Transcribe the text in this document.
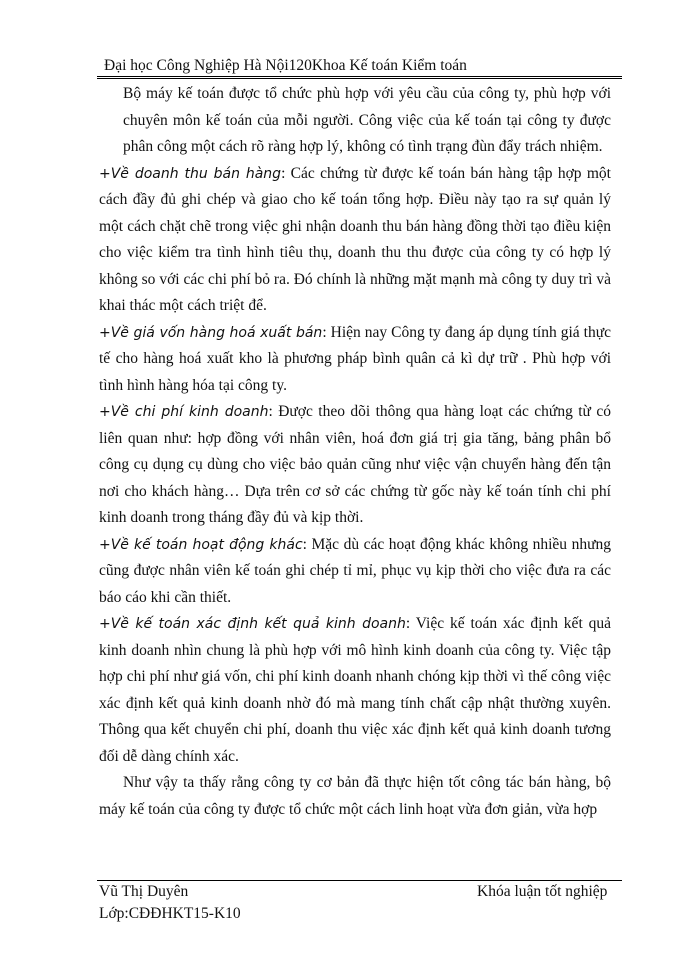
Đại học Công Nghiệp Hà Nội120Khoa Kế toán Kiểm toán

Bộ máy kế toán được tổ chức phù hợp với yêu cầu của công ty, phù hợp với chuyên môn kế toán của mỗi người. Công việc của kế toán tại công ty được phân công một cách rõ ràng hợp lý, không có tình trạng đùn đẩy trách nhiệm.

+Về doanh thu bán hàng: Các chứng từ được kế toán bán hàng tập hợp một cách đầy đủ ghi chép và giao cho kế toán tổng hợp. Điều này tạo ra sự quản lý một cách chặt chẽ trong việc ghi nhận doanh thu bán hàng đồng thời tạo điều kiện cho việc kiểm tra tình hình tiêu thụ, doanh thu thu được của công ty có hợp lý không so với các chi phí bỏ ra. Đó chính là những mặt mạnh mà công ty duy trì và khai thác một cách triệt để.

+Về giá vốn hàng hoá xuất bán: Hiện nay Công ty đang áp dụng tính giá thực tế cho hàng hoá xuất kho là phương pháp bình quân cả kì dự trữ . Phù hợp với tình hình hàng hóa tại công ty.

+Về chi phí kinh doanh: Được theo dõi thông qua hàng loạt các chứng từ có liên quan như: hợp đồng với nhân viên, hoá đơn giá trị gia tăng, bảng phân bổ công cụ dụng cụ dùng cho việc bảo quản cũng như việc vận chuyển hàng đến tận nơi cho khách hàng… Dựa trên cơ sở các chứng từ gốc này kế toán tính chi phí kinh doanh trong tháng đầy đủ và kịp thời.

+Về kế toán hoạt động khác: Mặc dù các hoạt động khác không nhiều nhưng cũng được nhân viên kế toán ghi chép tỉ mỉ, phục vụ kịp thời cho việc đưa ra các báo cáo khi cần thiết.

+Về kế toán xác định kết quả kinh doanh: Việc kế toán xác định kết quả kinh doanh nhìn chung là phù hợp với mô hình kinh doanh của công ty. Việc tập hợp chi phí như giá vốn, chi phí kinh doanh nhanh chóng kịp thời vì thế công việc xác định kết quả kinh doanh nhờ đó mà mang tính chất cập nhật thường xuyên. Thông qua kết chuyển chi phí, doanh thu việc xác định kết quả kinh doanh tương đối dễ dàng chính xác.

Như vậy ta thấy rằng công ty cơ bản đã thực hiện tốt công tác bán hàng, bộ máy kế toán của công ty được tổ chức một cách linh hoạt vừa đơn giản, vừa hợp

Vũ Thị Duyên
Lớp:CĐĐHKT15-K10
Khóa luận tốt nghiệp
